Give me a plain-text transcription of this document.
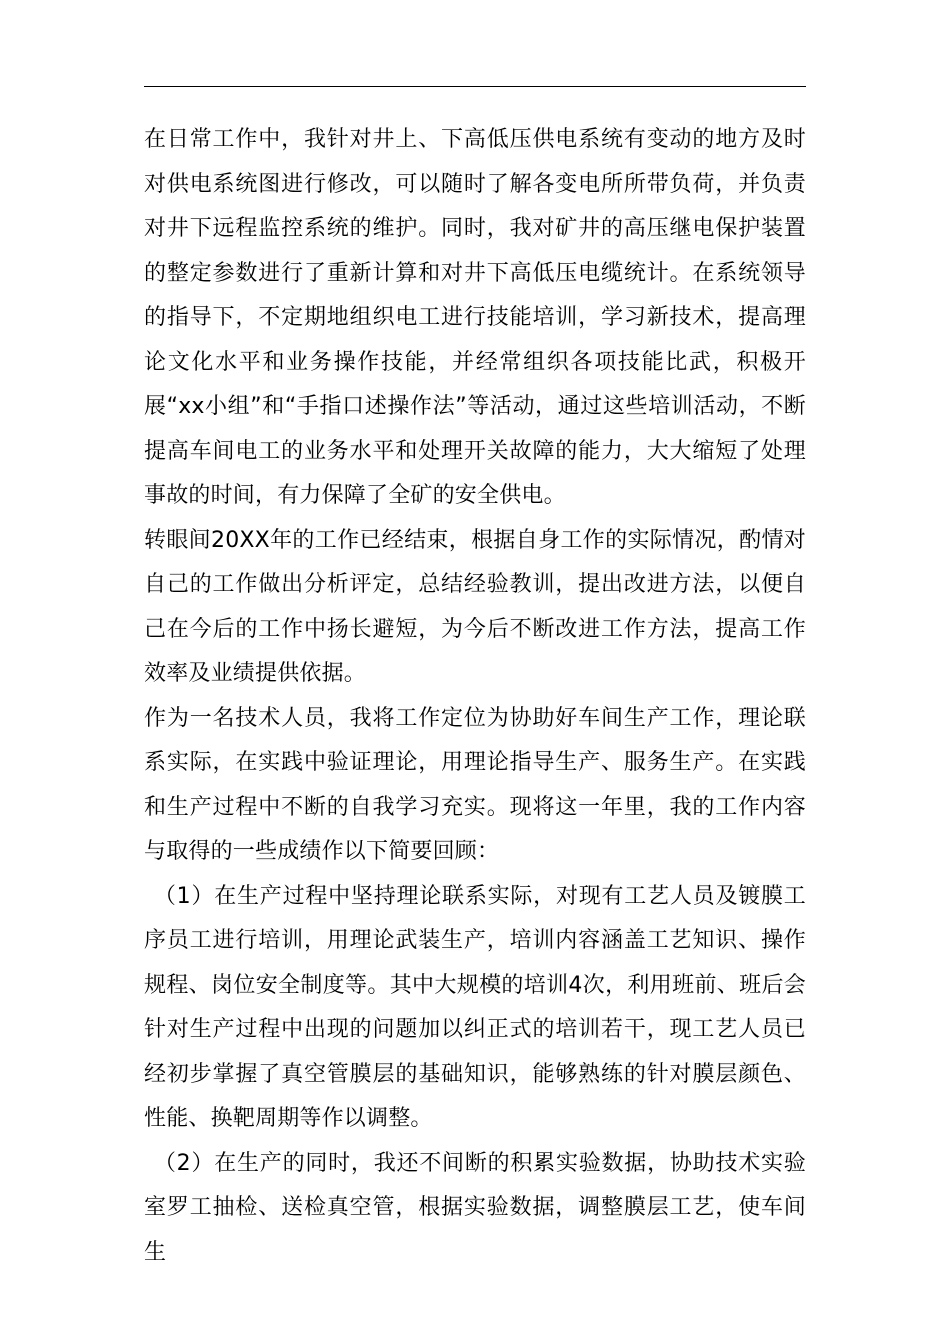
在日常工作中，我针对井上、下高低压供电系统有变动的地方及时对供电系统图进行修改，可以随时了解各变电所所带负荷，并负责对井下远程监控系统的维护。同时，我对矿井的高压继电保护装置的整定参数进行了重新计算和对井下高低压电缆统计。在系统领导的指导下，不定期地组织电工进行技能培训，学习新技术，提高理论文化水平和业务操作技能，并经常组织各项技能比武，积极开展“xx小组”和“手指口述操作法”等活动，通过这些培训活动，不断提高车间电工的业务水平和处理开关故障的能力，大大缩短了处理事故的时间，有力保障了全矿的安全供电。

转眼间20XX年的工作已经结束，根据自身工作的实际情况，酌情对自己的工作做出分析评定，总结经验教训，提出改进方法，以便自己在今后的工作中扬长避短，为今后不断改进工作方法，提高工作效率及业绩提供依据。

作为一名技术人员，我将工作定位为协助好车间生产工作，理论联系实际，在实践中验证理论，用理论指导生产、服务生产。在实践和生产过程中不断的自我学习充实。现将这一年里，我的工作内容与取得的一些成绩作以下简要回顾：

（1）在生产过程中坚持理论联系实际，对现有工艺人员及镀膜工序员工进行培训，用理论武装生产，培训内容涵盖工艺知识、操作规程、岗位安全制度等。其中大规模的培训4次，利用班前、班后会针对生产过程中出现的问题加以纠正式的培训若干，现工艺人员已经初步掌握了真空管膜层的基础知识，能够熟练的针对膜层颜色、性能、换靶周期等作以调整。

（2）在生产的同时，我还不间断的积累实验数据，协助技术实验室罗工抽检、送检真空管，根据实验数据，调整膜层工艺，使车间生
